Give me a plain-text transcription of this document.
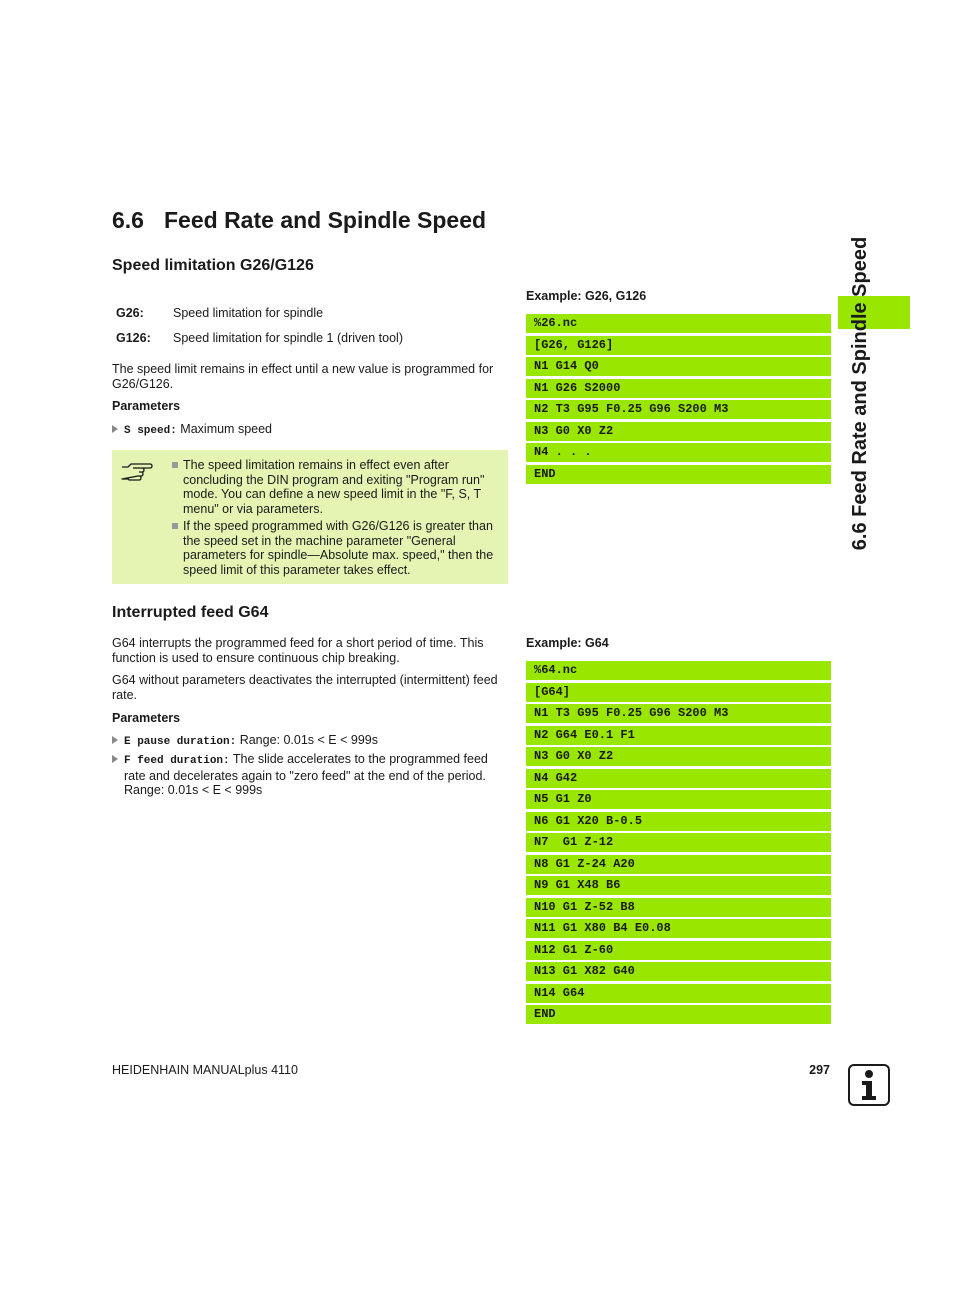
6.6 Feed Rate and Spindle Speed
Speed limitation G26/G126
G26: Speed limitation for spindle
G126: Speed limitation for spindle 1 (driven tool)
The speed limit remains in effect until a new value is programmed for G26/G126.
Parameters
S speed: Maximum speed
The speed limitation remains in effect even after concluding the DIN program and exiting "Program run" mode. You can define a new speed limit in the "F, S, T menu" or via parameters.
If the speed programmed with G26/G126 is greater than the speed set in the machine parameter "General parameters for spindle—Absolute max. speed," then the speed limit of this parameter takes effect.
Example: G26, G126
%26.nc
[G26, G126]
N1 G14 Q0
N1 G26 S2000
N2 T3 G95 F0.25 G96 S200 M3
N3 G0 X0 Z2
N4 . . .
END
Interrupted feed G64
G64 interrupts the programmed feed for a short period of time. This function is used to ensure continuous chip breaking.
G64 without parameters deactivates the interrupted (intermittent) feed rate.
Parameters
E pause duration: Range: 0.01s < E < 999s
F feed duration: The slide accelerates to the programmed feed rate and decelerates again to "zero feed" at the end of the period. Range: 0.01s < E < 999s
Example: G64
%64.nc
[G64]
N1 T3 G95 F0.25 G96 S200 M3
N2 G64 E0.1 F1
N3 G0 X0 Z2
N4 G42
N5 G1 Z0
N6 G1 X20 B-0.5
N7  G1 Z-12
N8 G1 Z-24 A20
N9 G1 X48 B6
N10 G1 Z-52 B8
N11 G1 X80 B4 E0.08
N12 G1 Z-60
N13 G1 X82 G40
N14 G64
END
6.6 Feed Rate and Spindle Speed
HEIDENHAIN MANUALplus 4110	297
